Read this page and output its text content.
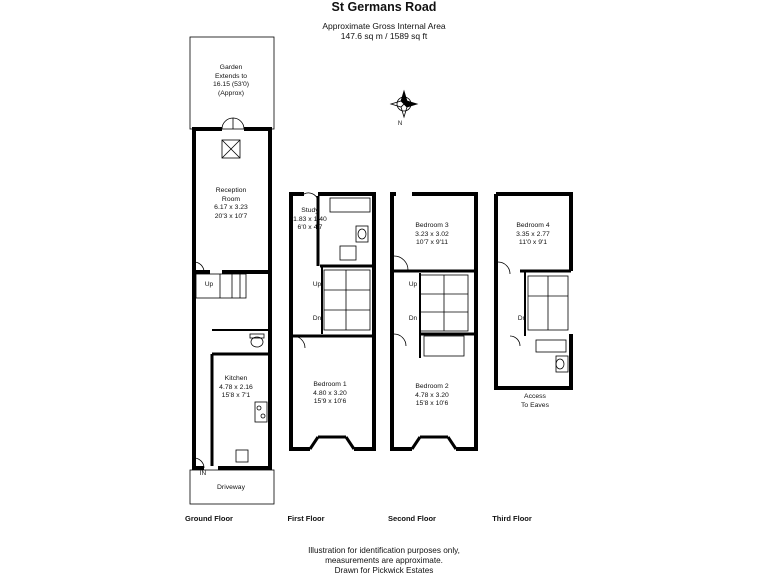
St Germans Road
Approximate Gross Internal Area
147.6 sq m / 1589 sq ft
N
Garden
Extends to
16.15 (53'0)
(Approx)
Reception
Room
6.17 x 3.23
20'3 x 10'7
Up
Kitchen
4.78 x 2.16
15'8 x 7'1
IN
Driveway
Study
1.83 x 1.40
6'0 x 4'7
Up
Dn
Bedroom 1
4.80 x 3.20
15'9 x 10'6
Bedroom 3
3.23 x 3.02
10'7 x 9'11
Up
Dn
Bedroom 2
4.78 x 3.20
15'8 x 10'6
Bedroom 4
3.35 x 2.77
11'0 x 9'1
Dn
Access
To Eaves
Ground Floor	First Floor	Second Floor	Third Floor
Illustration for identification purposes only,
measurements are approximate.
Drawn for Pickwick Estates
